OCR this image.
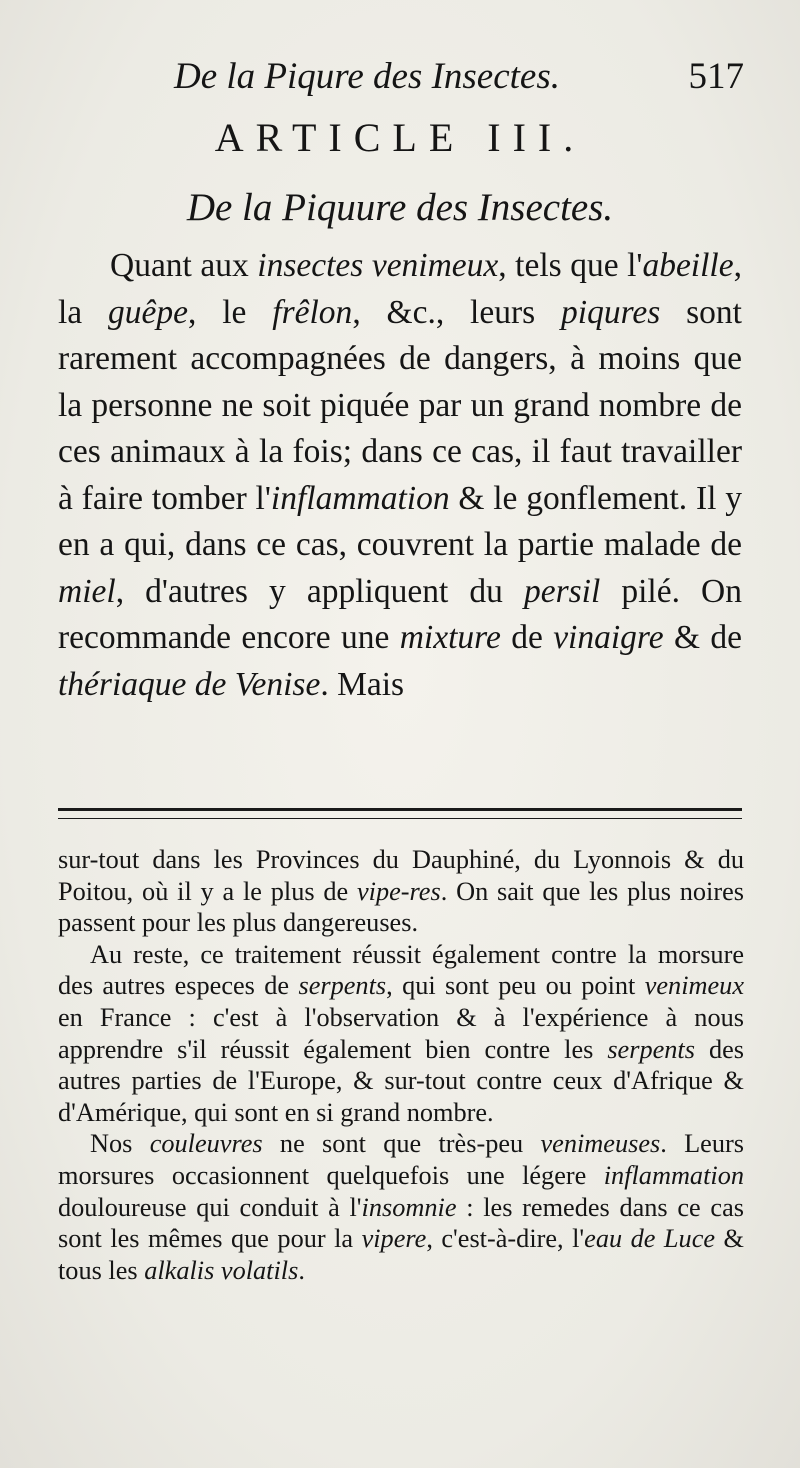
De la Piqure des Insectes.	517
ARTICLE III.
De la Piquure des Insectes.
Quant aux insectes venimeux, tels que l'abeille, la guêpe, le frêlon, &c., leurs piqures sont rarement accompagnées de dangers, à moins que la personne ne soit piquée par un grand nombre de ces animaux à la fois; dans ce cas, il faut travailler à faire tomber l'inflammation & le gonflement. Il y en a qui, dans ce cas, couvrent la partie malade de miel, d'autres y appliquent du persil pilé. On recommande encore une mixture de vinaigre & de thériaque de Venise. Mais

sur-tout dans les Provinces du Dauphiné, du Lyonnois & du Poitou, où il y a le plus de vipe-res. On sait que les plus noires passent pour les plus dangereuses.

Au reste, ce traitement réussit également contre la morsure des autres especes de serpents, qui sont peu ou point venimeux en France : c'est à l'observation & à l'expérience à nous apprendre s'il réussit également bien contre les serpents des autres parties de l'Europe, & sur-tout contre ceux d'Afrique & d'Amérique, qui sont en si grand nombre.

Nos couleuvres ne sont que très-peu venimeuses. Leurs morsures occasionnent quelquefois une légere inflammation douloureuse qui conduit à l'insomnie : les remedes dans ce cas sont les mêmes que pour la vipere, c'est-à-dire, l'eau de Luce & tous les alkalis volatils.
